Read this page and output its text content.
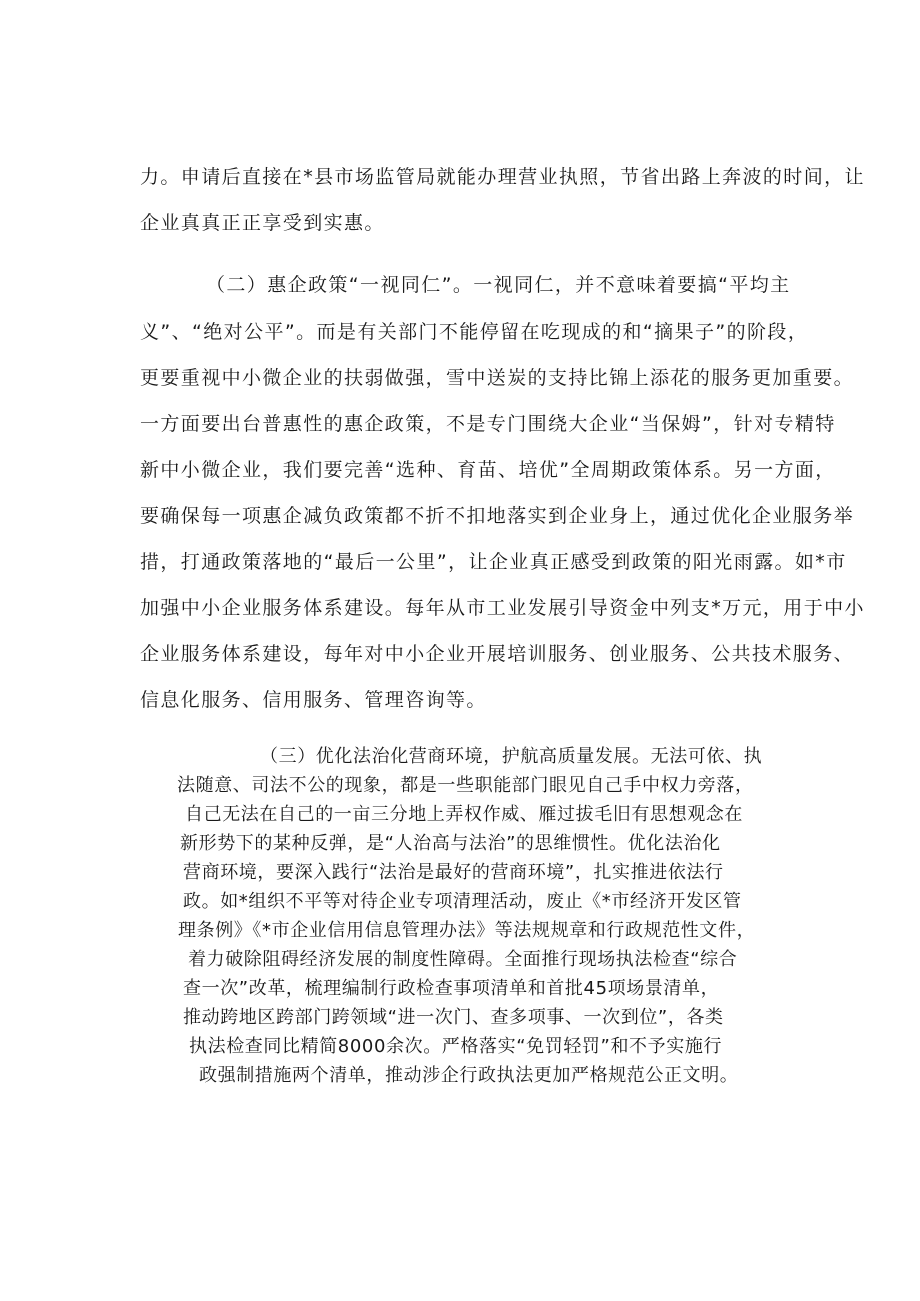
力。申请后直接在*县市场监管局就能办理营业执照，节省出路上奔波的时间，让
企业真真正正享受到实惠。
（二）惠企政策“一视同仁”。一视同仁，并不意味着要搞“平均主
义”、“绝对公平”。而是有关部门不能停留在吃现成的和“摘果子”的阶段，
更要重视中小微企业的扶弱做强，雪中送炭的支持比锦上添花的服务更加重要。
一方面要出台普惠性的惠企政策，不是专门围绕大企业“当保姆”，针对专精特
新中小微企业，我们要完善“选种、育苗、培优”全周期政策体系。另一方面，
要确保每一项惠企减负政策都不折不扣地落实到企业身上，通过优化企业服务举
措，打通政策落地的“最后一公里”，让企业真正感受到政策的阳光雨露。如*市
加强中小企业服务体系建设。每年从市工业发展引导资金中列支*万元，用于中小
企业服务体系建设，每年对中小企业开展培训服务、创业服务、公共技术服务、
信息化服务、信用服务、管理咨询等。
（三）优化法治化营商环境，护航高质量发展。无法可依、执
法随意、司法不公的现象，都是一些职能部门眼见自己手中权力旁落，
自己无法在自己的一亩三分地上弄权作威、雁过拔毛旧有思想观念在
新形势下的某种反弹，是“人治高与法治”的思维惯性。优化法治化
营商环境，要深入践行“法治是最好的营商环境”，扎实推进依法行
政。如*组织不平等对待企业专项清理活动，废止《*市经济开发区管
理条例》《*市企业信用信息管理办法》等法规规章和行政规范性文件，
着力破除阻碍经济发展的制度性障碍。全面推行现场执法检查“综合
查一次”改革，梳理编制行政检查事项清单和首批45项场景清单，
推动跨地区跨部门跨领域“进一次门、查多项事、一次到位”，各类
执法检查同比精简8000余次。严格落实“免罚轻罚”和不予实施行
政强制措施两个清单，推动涉企行政执法更加严格规范公正文明。
